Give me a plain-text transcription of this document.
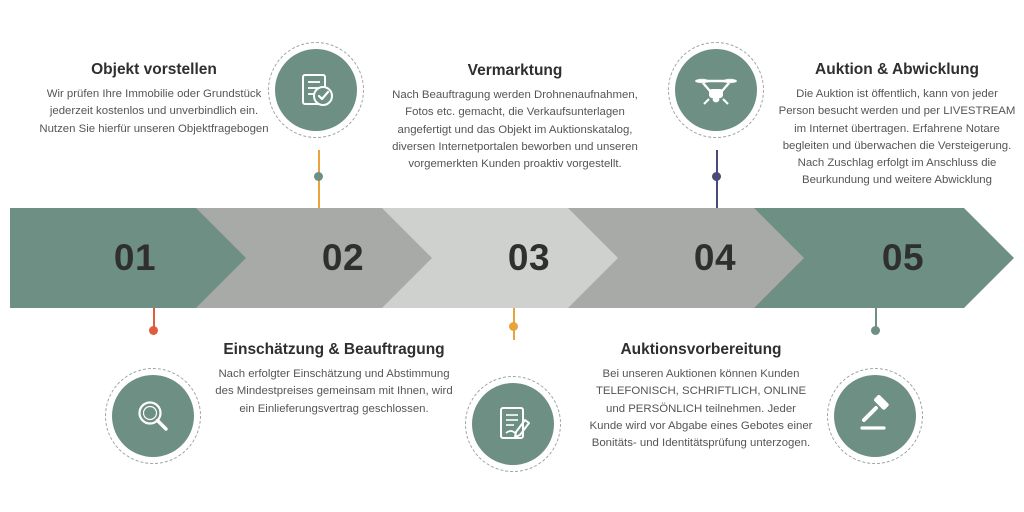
01	02	03	04	05
Objekt vorstellen
Wir prüfen Ihre Immobilie oder Grundstück jederzeit kostenlos und unverbindlich ein. Nutzen Sie hierfür unseren Objektfragebogen
Einschätzung & Beauftragung
Nach erfolgter Einschätzung und Abstimmung des Mindestpreises gemeinsam mit Ihnen, wird ein Einlieferungsvertrag geschlossen.
Vermarktung
Nach Beauftragung werden Drohnenaufnahmen, Fotos etc. gemacht, die Verkaufsunterlagen angefertigt und das Objekt im Auktionskatalog, diversen Internetportalen beworben und unseren vorgemerkten Kunden proaktiv vorgestellt.
Auktionsvorbereitung
Bei unseren Auktionen können Kunden TELEFONISCH, SCHRIFTLICH, ONLINE und PERSÖNLICH teilnehmen. Jeder Kunde wird vor Abgabe eines Gebotes einer Bonitäts- und Identitätsprüfung unterzogen.
Auktion & Abwicklung
Die Auktion ist öffentlich, kann von jeder Person besucht werden und per LIVESTREAM im Internet übertragen. Erfahrene Notare begleiten und überwachen die Versteigerung. Nach Zuschlag erfolgt im Anschluss die Beurkundung und weitere Abwicklung
